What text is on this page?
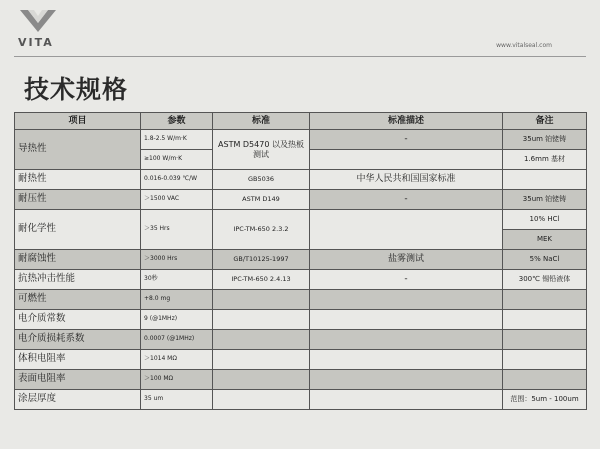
VITA	www.vitalseal.com
技术规格
项目	参数	标准	标准描述	备注
导热性	1.8-2.5 W/m·K	ASTM D5470 以及热板测试	-	35um 铂铑铸
	≥100 W/m·K			1.6mm 基材
耐热性	0.016-0.039 ℃/W	GB5036	中华人民共和国国家标准	
耐压性	＞1500 VAC	ASTM D149	-	35um 铂铑铸
耐化学性	＞35 Hrs	IPC-TM-650 2.3.2		10% HCl
				MEK
耐腐蚀性	＞3000 Hrs	GB/T10125-1997	盐雾测试	5% NaCl
抗热冲击性能	30秒	IPC-TM-650 2.4.13	-	300℃ 锡铅液体
可燃性	+8.0 mg			
电介质常数	9 (@1MHz)			
电介质损耗系数	0.0007 (@1MHz)			
体积电阻率	＞1014 MΩ			
表面电阻率	＞100 MΩ			
涂层厚度	35 um			范围：5um - 100um
